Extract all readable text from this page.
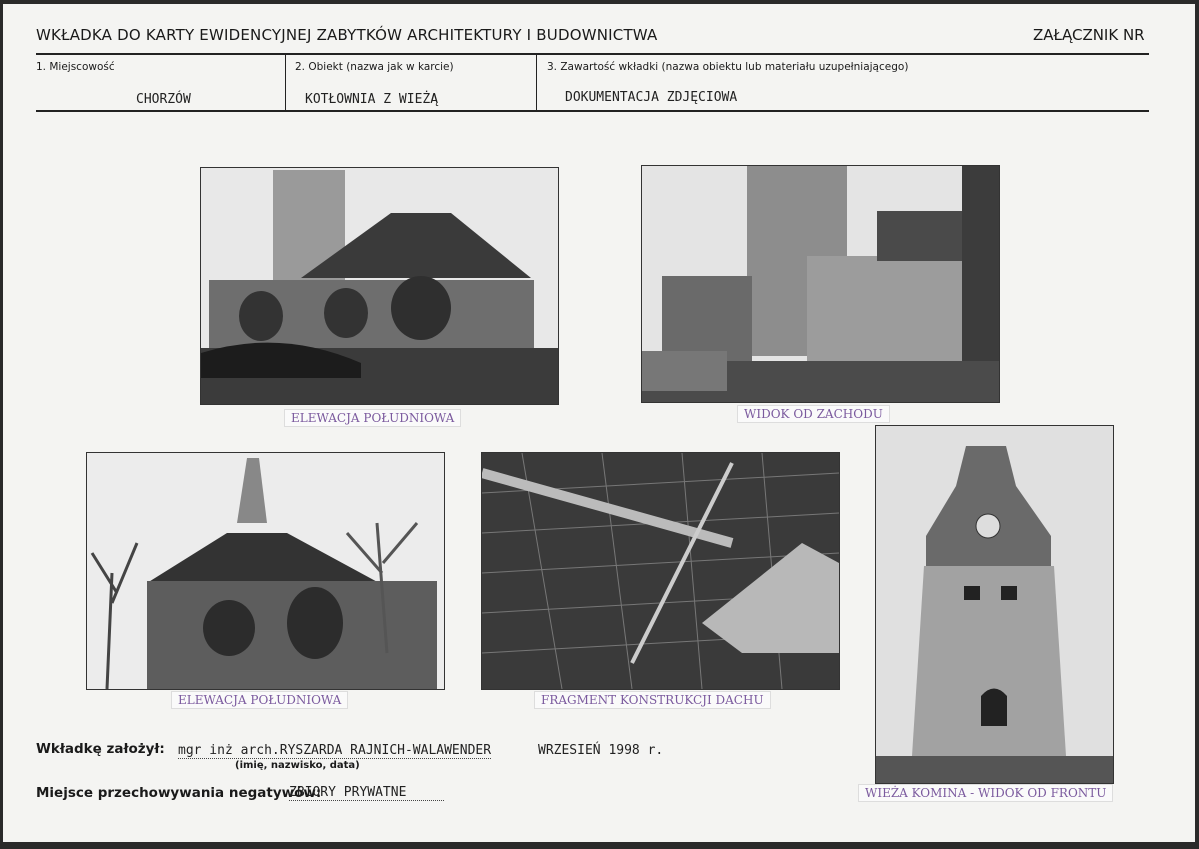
WKŁADKA DO KARTY EWIDENCYJNEJ ZABYTKÓW ARCHITEKTURY I BUDOWNICTWA	ZAŁĄCZNIK NR
1. Miejscowość
CHORZÓW
2. Obiekt (nazwa jak w karcie)
KOTŁOWNIA Z WIEŻĄ
3. Zawartość wkładki (nazwa obiektu lub materiału uzupełniającego)
DOKUMENTACJA ZDJĘCIOWA
ELEWACJA POŁUDNIOWA	WIDOK OD ZACHODU
ELEWACJA POŁUDNIOWA	FRAGMENT KONSTRUKCJI DACHU
WIEŻA KOMINA - WIDOK OD FRONTU
Wkładkę założył: mgr inż arch.RYSZARDA RAJNICH-WALAWENDER	WRZESIEŃ 1998 r.
(imię, nazwisko, data)
Miejsce przechowywania negatywów:
ZBIORY PRYWATNE
